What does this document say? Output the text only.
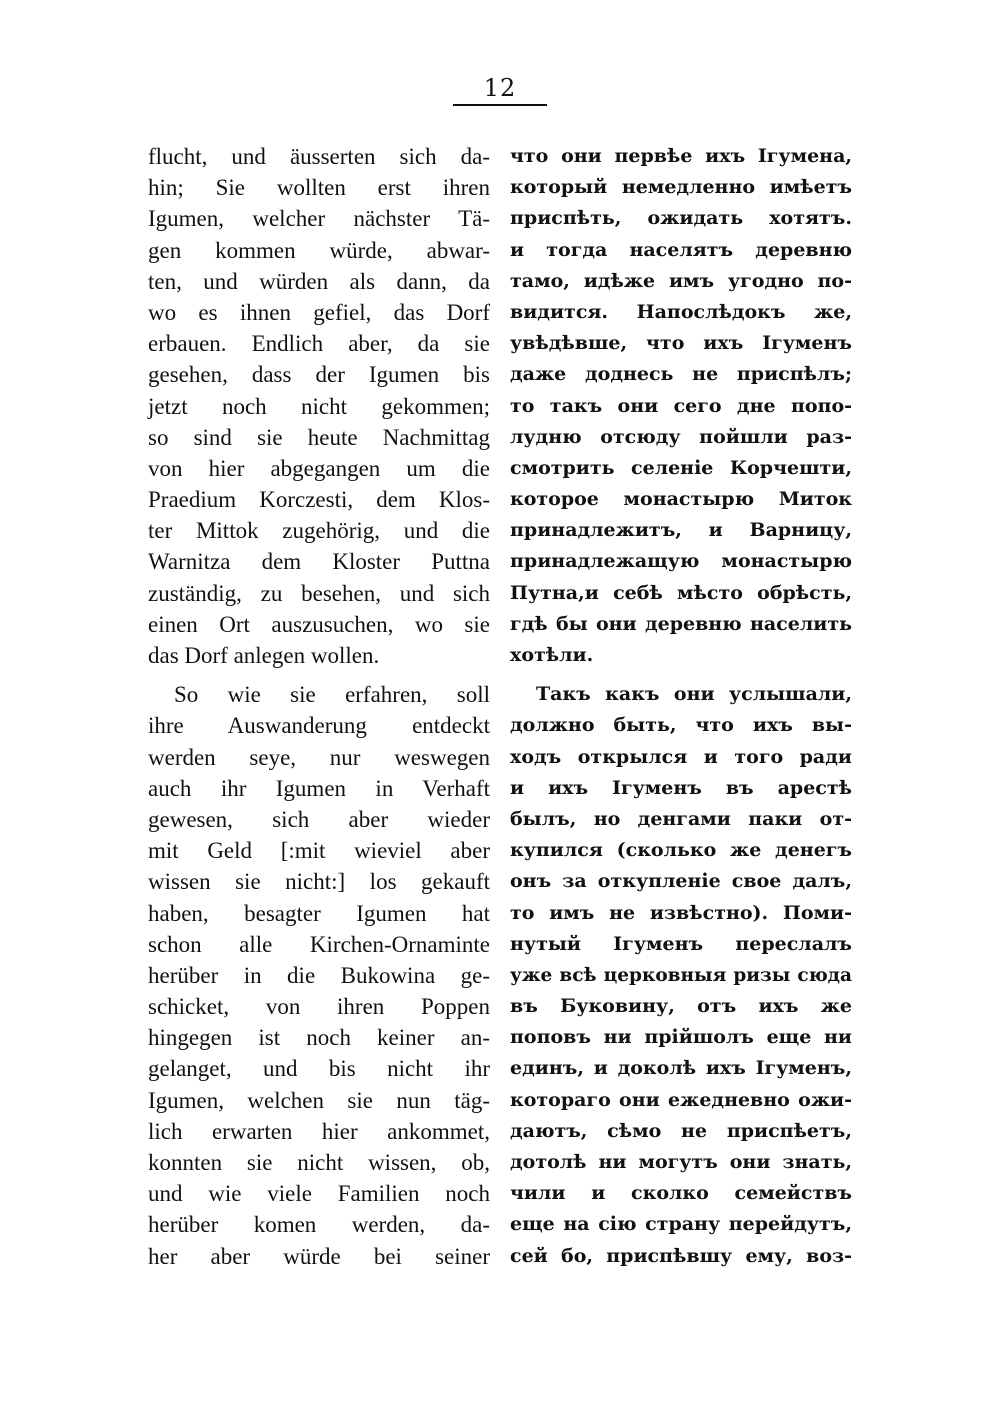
12
flucht, und äusserten sich da-
hin; Sie wollten erst ihren
Igumen, welcher nächster Tä-
gen kommen würde, abwar-
ten, und würden als dann, da
wo es ihnen gefiel, das Dorf
erbauen. Endlich aber, da sie
gesehen, dass der Igumen bis
jetzt noch nicht gekommen;
so sind sie heute Nachmittag
von hier abgegangen um die
Praedium Korczesti, dem Klos-
ter Mittok zugehörig, und die
Warnitza dem Kloster Puttna
zuständig, zu besehen, und sich
einen Ort auszusuchen, wo sie
das Dorf anlegen wollen.
So wie sie erfahren, soll
ihre Auswanderung entdeckt
werden seye, nur weswegen
auch ihr Igumen in Verhaft
gewesen, sich aber wieder
mit Geld [:mit wieviel aber
wissen sie nicht:] los gekauft
haben, besagter Igumen hat
schon alle Kirchen-Ornaminte
herüber in die Bukowina ge-
schicket, von ihren Poppen
hingegen ist noch keiner an-
gelanget, und bis nicht ihr
Igumen, welchen sie nun täg-
lich erwarten hier ankommet,
konnten sie nicht wissen, ob,
und wie viele Familien noch
herüber komen werden, da-
her aber würde bei seiner
что они первѣе ихъ Ігумена,
который немедленно имѣетъ
приспѣть, ожидать хотятъ.
и тогда населятъ деревню
тамо, идѣже имъ угодно по-
видится. Напослѣдокъ же,
увѣдѣвше, что ихъ Ігуменъ
даже доднесь не приспѣлъ;
то такъ они сего дне попо-
лудню отсюду пойшли раз-
смотрить селеніе Корчешти,
которое монастырю Миток
принадлежитъ, и Варницу,
принадлежащую монастырю
Путна,и себѣ мѣсто обрѣсть,
гдѣ бы они деревню населить
хотѣли.
Такъ какъ они услышали,
должно быть, что ихъ вы-
ходъ открылся и того ради
и ихъ Ігуменъ въ арестѣ
былъ, но денгами паки от-
купился (сколько же денегъ
онъ за откупленіе свое далъ,
то имъ не извѣстно). Поми-
нутый Ігуменъ переслалъ
уже всѣ церковныя ризы сюда
въ Буковину, отъ ихъ же
поповъ ни прійшолъ еще ни
единъ, и доколѣ ихъ Ігуменъ,
котораго они ежедневно ожи-
даютъ, сѣмо не приспѣетъ,
дотолѣ ни могутъ они знать,
чили и сколко семействъ
еще на сію страну перейдутъ,
сей бо, приспѣвшу ему, воз-
